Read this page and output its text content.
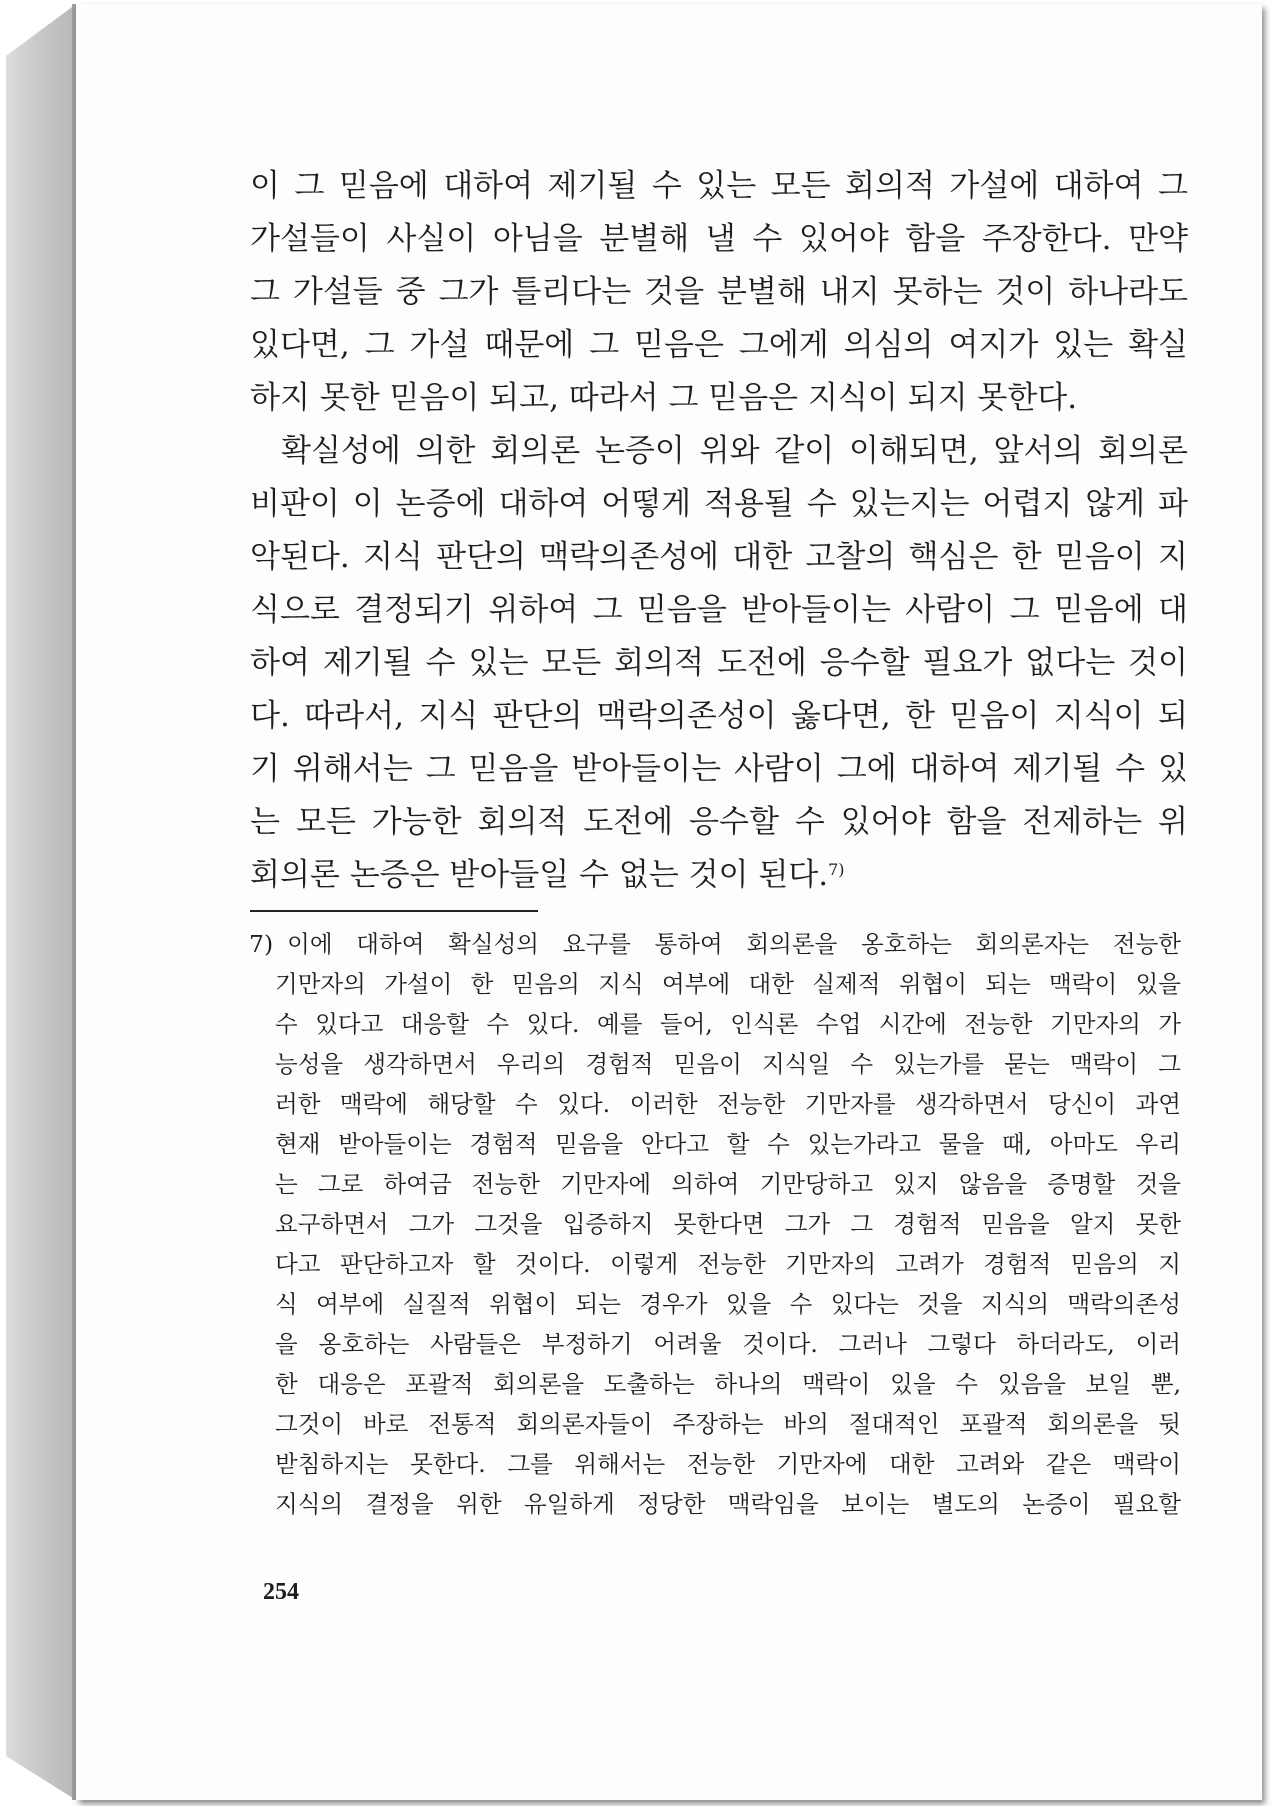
이 그 믿음에 대하여 제기될 수 있는 모든 회의적 가설에 대하여 그
가설들이 사실이 아님을 분별해 낼 수 있어야 함을 주장한다. 만약
그 가설들 중 그가 틀리다는 것을 분별해 내지 못하는 것이 하나라도
있다면, 그 가설 때문에 그 믿음은 그에게 의심의 여지가 있는 확실
하지 못한 믿음이 되고, 따라서 그 믿음은 지식이 되지 못한다.
확실성에 의한 회의론 논증이 위와 같이 이해되면, 앞서의 회의론
비판이 이 논증에 대하여 어떻게 적용될 수 있는지는 어렵지 않게 파
악된다. 지식 판단의 맥락의존성에 대한 고찰의 핵심은 한 믿음이 지
식으로 결정되기 위하여 그 믿음을 받아들이는 사람이 그 믿음에 대
하여 제기될 수 있는 모든 회의적 도전에 응수할 필요가 없다는 것이
다. 따라서, 지식 판단의 맥락의존성이 옳다면, 한 믿음이 지식이 되
기 위해서는 그 믿음을 받아들이는 사람이 그에 대하여 제기될 수 있
는 모든 가능한 회의적 도전에 응수할 수 있어야 함을 전제하는 위
회의론 논증은 받아들일 수 없는 것이 된다.$^{7)}$
7) 이에 대하여 확실성의 요구를 통하여 회의론을 옹호하는 회의론자는 전능한
기만자의 가설이 한 믿음의 지식 여부에 대한 실제적 위협이 되는 맥락이 있을
수 있다고 대응할 수 있다. 예를 들어, 인식론 수업 시간에 전능한 기만자의 가
능성을 생각하면서 우리의 경험적 믿음이 지식일 수 있는가를 묻는 맥락이 그
러한 맥락에 해당할 수 있다. 이러한 전능한 기만자를 생각하면서 당신이 과연
현재 받아들이는 경험적 믿음을 안다고 할 수 있는가라고 물을 때, 아마도 우리
는 그로 하여금 전능한 기만자에 의하여 기만당하고 있지 않음을 증명할 것을
요구하면서 그가 그것을 입증하지 못한다면 그가 그 경험적 믿음을 알지 못한
다고 판단하고자 할 것이다. 이렇게 전능한 기만자의 고려가 경험적 믿음의 지
식 여부에 실질적 위협이 되는 경우가 있을 수 있다는 것을 지식의 맥락의존성
을 옹호하는 사람들은 부정하기 어려울 것이다. 그러나 그렇다 하더라도, 이러
한 대응은 포괄적 회의론을 도출하는 하나의 맥락이 있을 수 있음을 보일 뿐,
그것이 바로 전통적 회의론자들이 주장하는 바의 절대적인 포괄적 회의론을 뒷
받침하지는 못한다. 그를 위해서는 전능한 기만자에 대한 고려와 같은 맥락이
지식의 결정을 위한 유일하게 정당한 맥락임을 보이는 별도의 논증이 필요할
254
